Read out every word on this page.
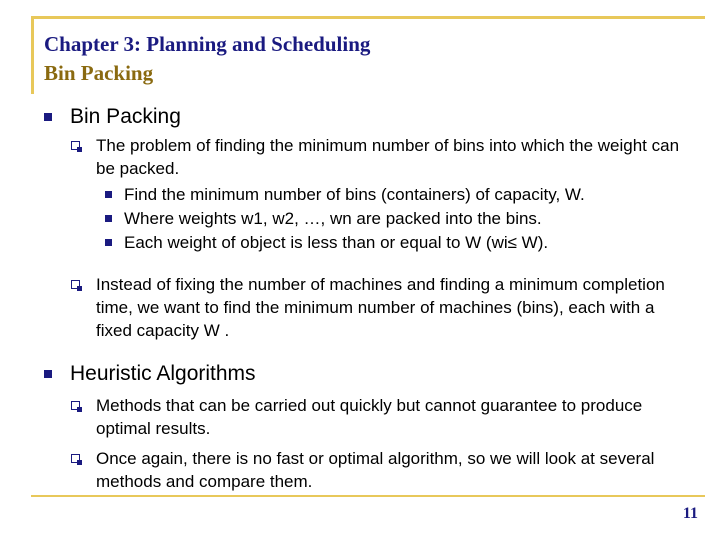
Chapter 3: Planning and Scheduling
Bin Packing
Bin Packing
The problem of finding the minimum number of bins into which the weight can be packed.
Find the minimum number of bins (containers) of capacity, W.
Where weights w1, w2, …, wn are packed into the bins.
Each weight of object is less than or equal to W (wi≤ W).
Instead of fixing the number of machines and finding a minimum completion time, we want to find the minimum number of machines (bins), each with a fixed capacity W .
Heuristic Algorithms
Methods that can be carried out quickly but cannot guarantee to produce optimal results.
Once again, there is no fast or optimal algorithm, so we will look at several methods and compare them.
11
